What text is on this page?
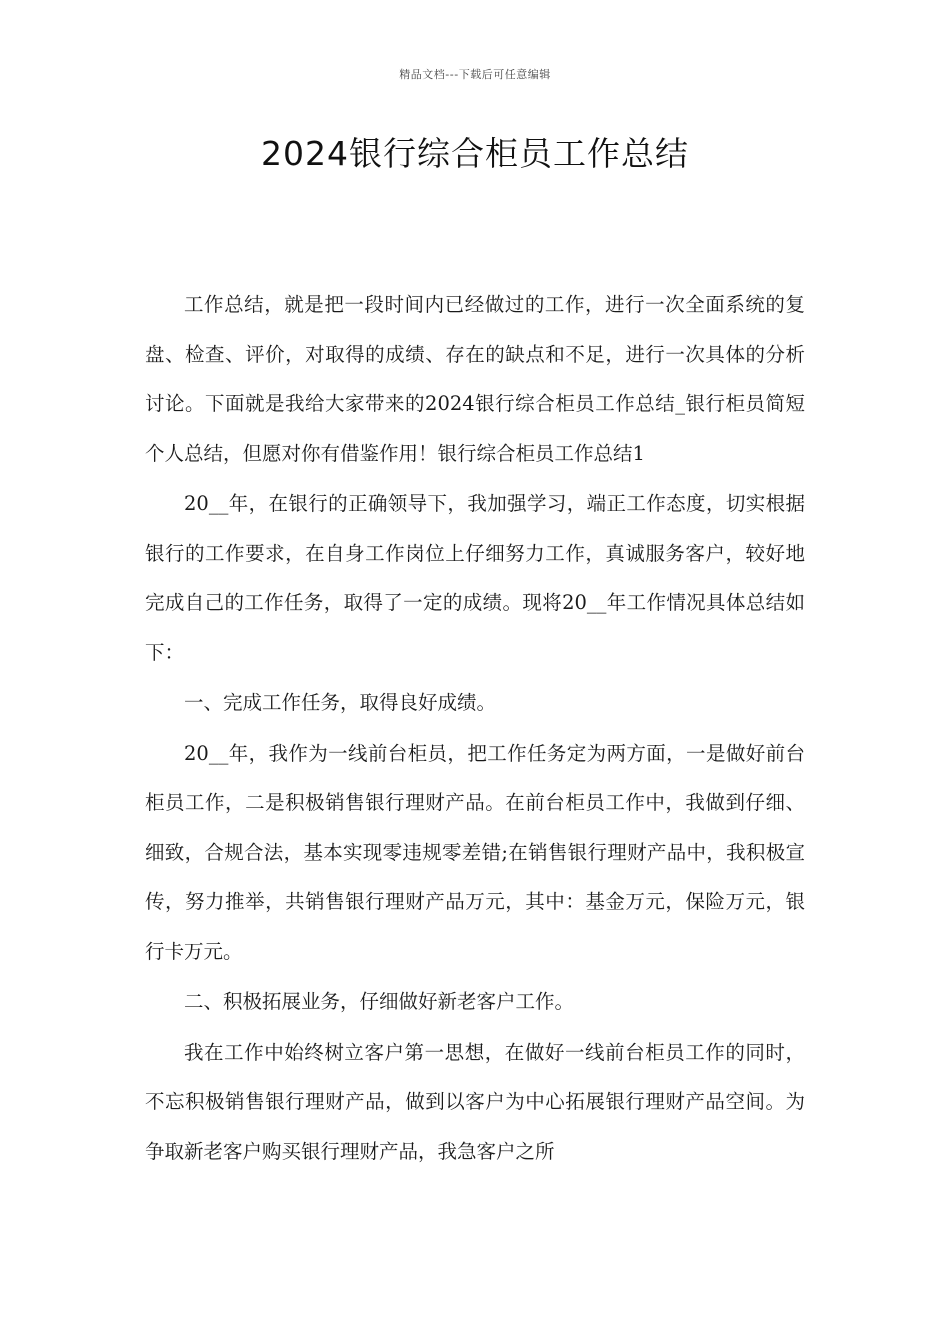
精品文档---下载后可任意编辑
2024银行综合柜员工作总结

工作总结，就是把一段时间内已经做过的工作，进行一次全面系统的复盘、检查、评价，对取得的成绩、存在的缺点和不足，进行一次具体的分析讨论。下面就是我给大家带来的2024银行综合柜员工作总结_银行柜员简短个人总结，但愿对你有借鉴作用！银行综合柜员工作总结1

20__年，在银行的正确领导下，我加强学习，端正工作态度，切实根据银行的工作要求，在自身工作岗位上仔细努力工作，真诚服务客户，较好地完成自己的工作任务，取得了一定的成绩。现将20__年工作情况具体总结如下：

一、完成工作任务，取得良好成绩。

20__年，我作为一线前台柜员，把工作任务定为两方面，一是做好前台柜员工作，二是积极销售银行理财产品。在前台柜员工作中，我做到仔细、细致，合规合法，基本实现零违规零差错;在销售银行理财产品中，我积极宣传，努力推举，共销售银行理财产品万元，其中：基金万元，保险万元，银行卡万元。

二、积极拓展业务，仔细做好新老客户工作。

我在工作中始终树立客户第一思想，在做好一线前台柜员工作的同时，不忘积极销售银行理财产品，做到以客户为中心拓展银行理财产品空间。为争取新老客户购买银行理财产品，我急客户之所
